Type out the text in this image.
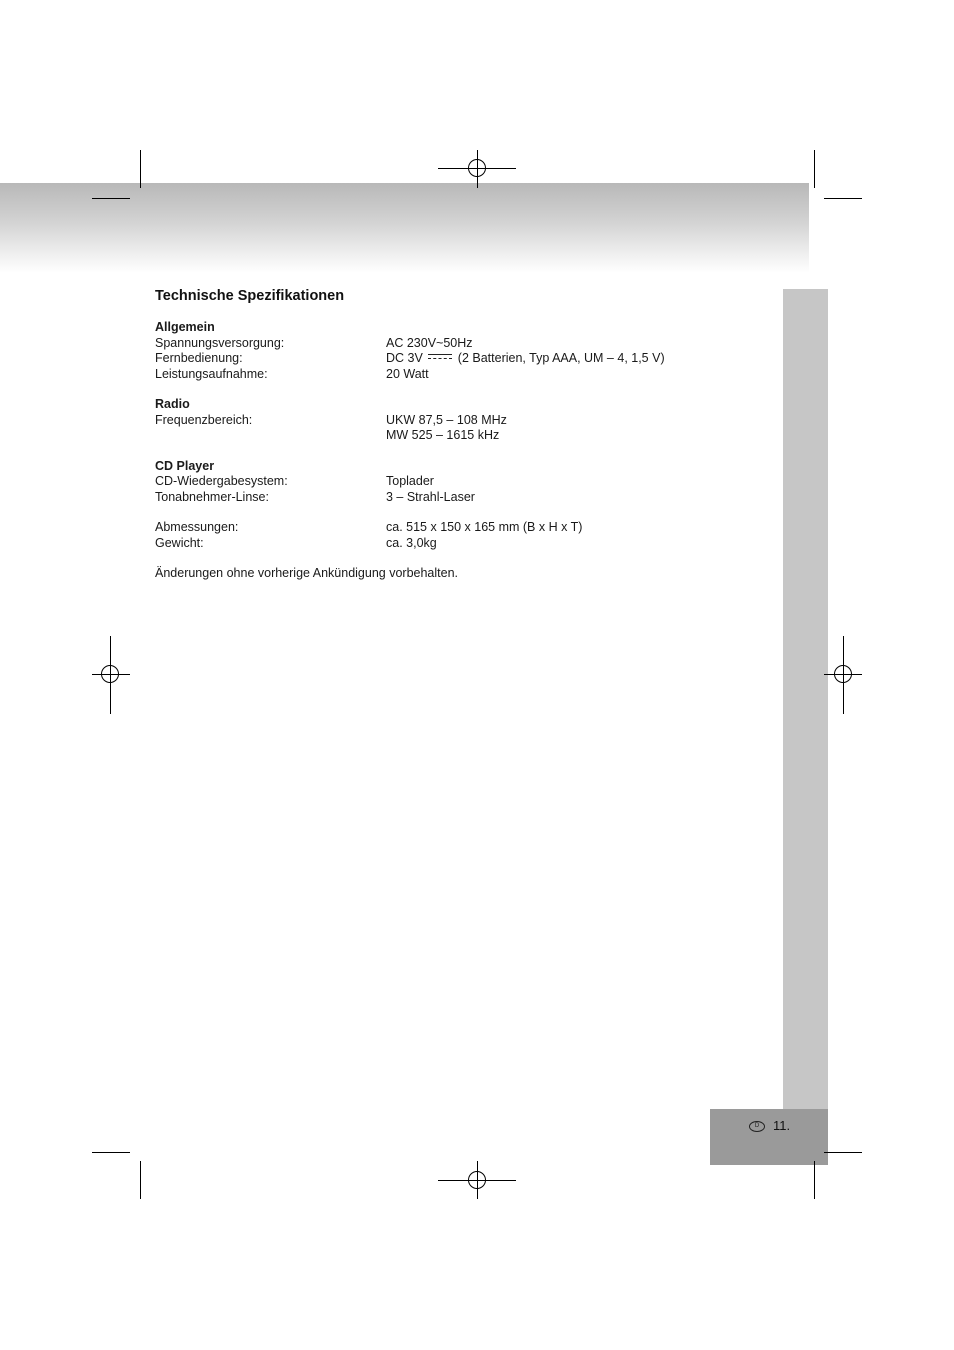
D	11.
Technische Spezifikationen
Allgemein
Spannungsversorgung:	AC 230V~50Hz
Fernbedienung:	DC 3V	(2 Batterien, Typ AAA, UM – 4, 1,5 V)
Leistungsaufnahme:	20 Watt
Radio
Frequenzbereich:	UKW 87,5 – 108 MHz
MW 525 – 1615 kHz
CD Player
CD-Wiedergabesystem:	Toplader
Tonabnehmer-Linse:	3 – Strahl-Laser
Abmessungen:	ca. 515 x 150 x 165 mm (B x H x T)
Gewicht:	ca. 3,0kg
Änderungen ohne vorherige Ankündigung vorbehalten.
